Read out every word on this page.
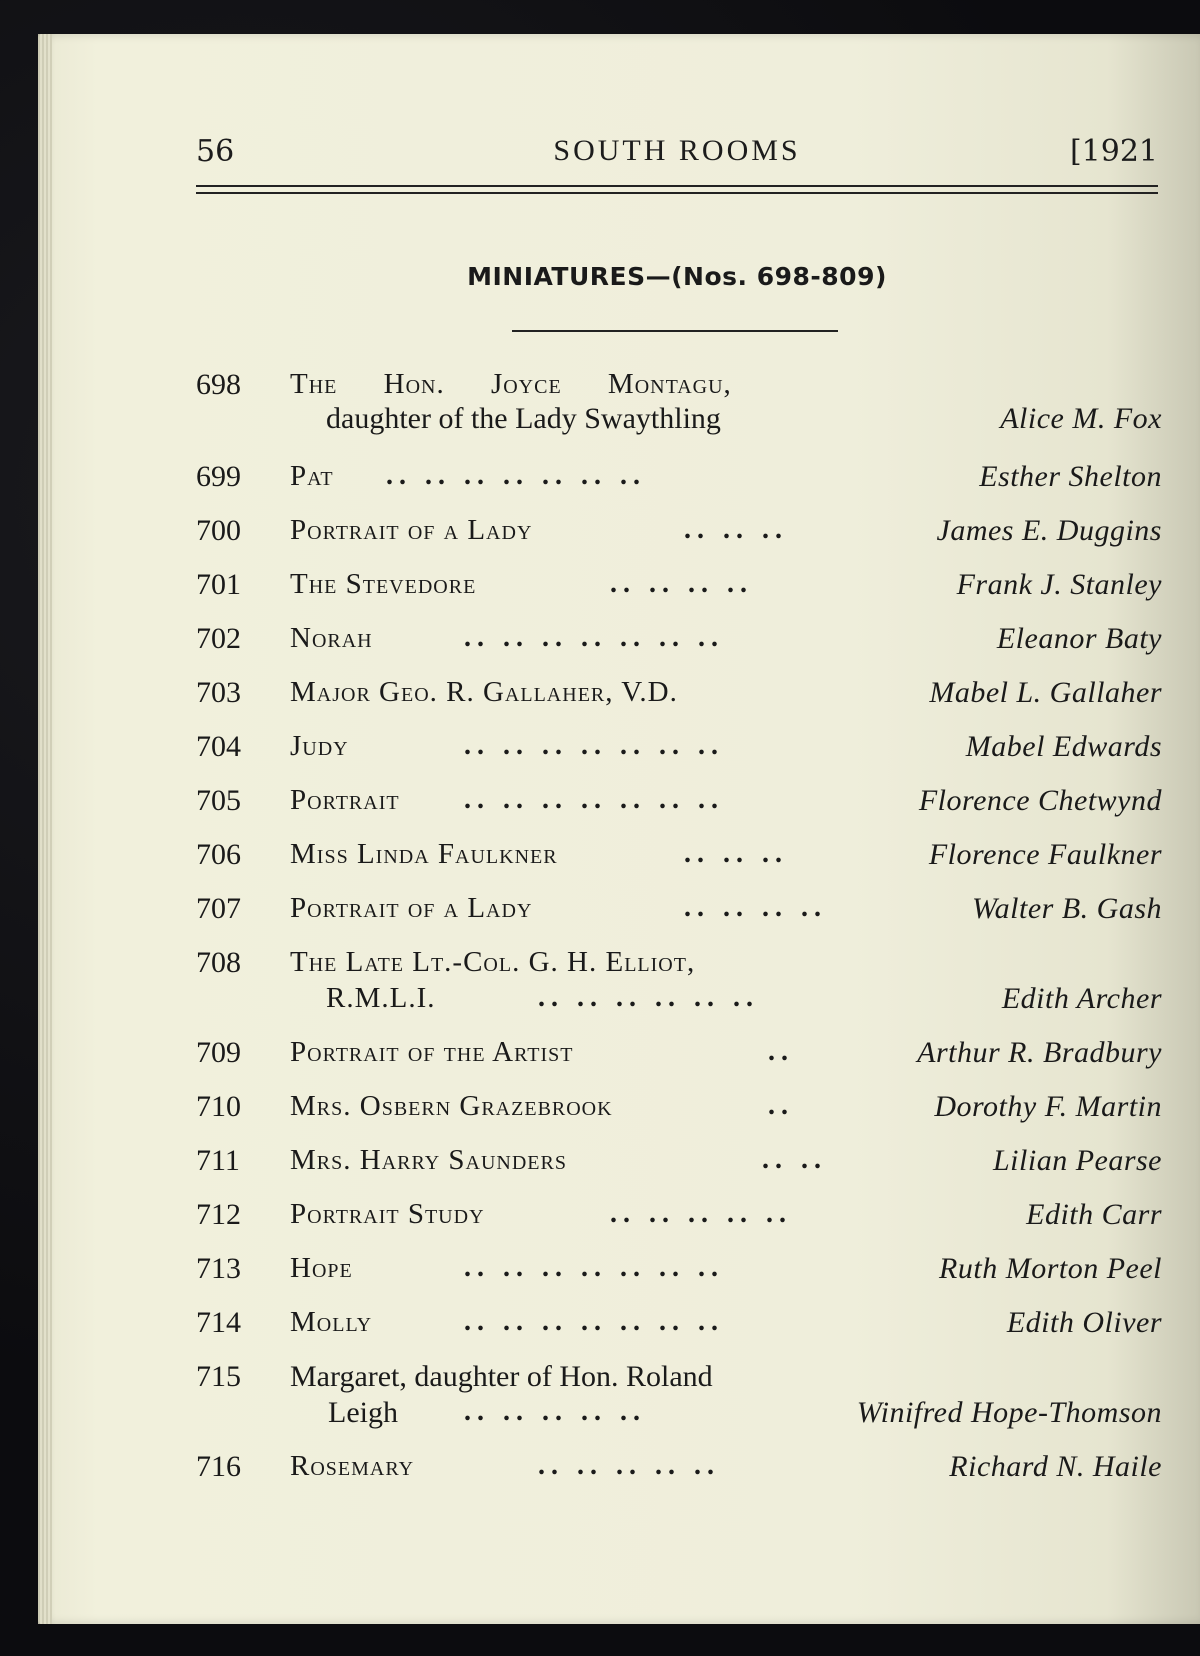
56	SOUTH ROOMS	[1921
MINIATURES—(Nos. 698-809)
698 The Hon. Joyce Montagu,
daughter of the Lady Swaythling	Alice M. Fox
699 Pat .. .. .. .. .. .. ..	Esther Shelton
700 Portrait of a Lady	.. .. ..	James E. Duggins
701 The Stevedore	.. .. .. ..	Frank J. Stanley
702 Norah	.. .. .. .. .. .. ..	Eleanor Baty
703 Major Geo. R. Gallaher, V.D.	Mabel L. Gallaher
704 Judy	.. .. .. .. .. .. ..	Mabel Edwards
705 Portrait .. .. .. .. .. .. ..	Florence Chetwynd
706 Miss Linda Faulkner	.. .. ..	Florence Faulkner
707 Portrait of a Lady	.. .. .. ..	Walter B. Gash
708 The Late Lt.-Col. G. H. Elliot,
R.M.L.I.	.. .. .. .. .. ..	Edith Archer
709 Portrait of the Artist	..	Arthur R. Bradbury
710 Mrs. Osbern Grazebrook	..	Dorothy F. Martin
711 Mrs. Harry Saunders	.. ..	Lilian Pearse
712 Portrait Study	.. .. .. .. ..	Edith Carr
713 Hope	.. .. .. .. .. .. ..	Ruth Morton Peel
714 Molly	.. .. .. .. .. .. ..	Edith Oliver
715 Margaret, daughter of Hon. Roland
Leigh .. .. .. .. ..	Winifred Hope-Thomson
716 Rosemary	.. .. .. .. ..	Richard N. Haile
